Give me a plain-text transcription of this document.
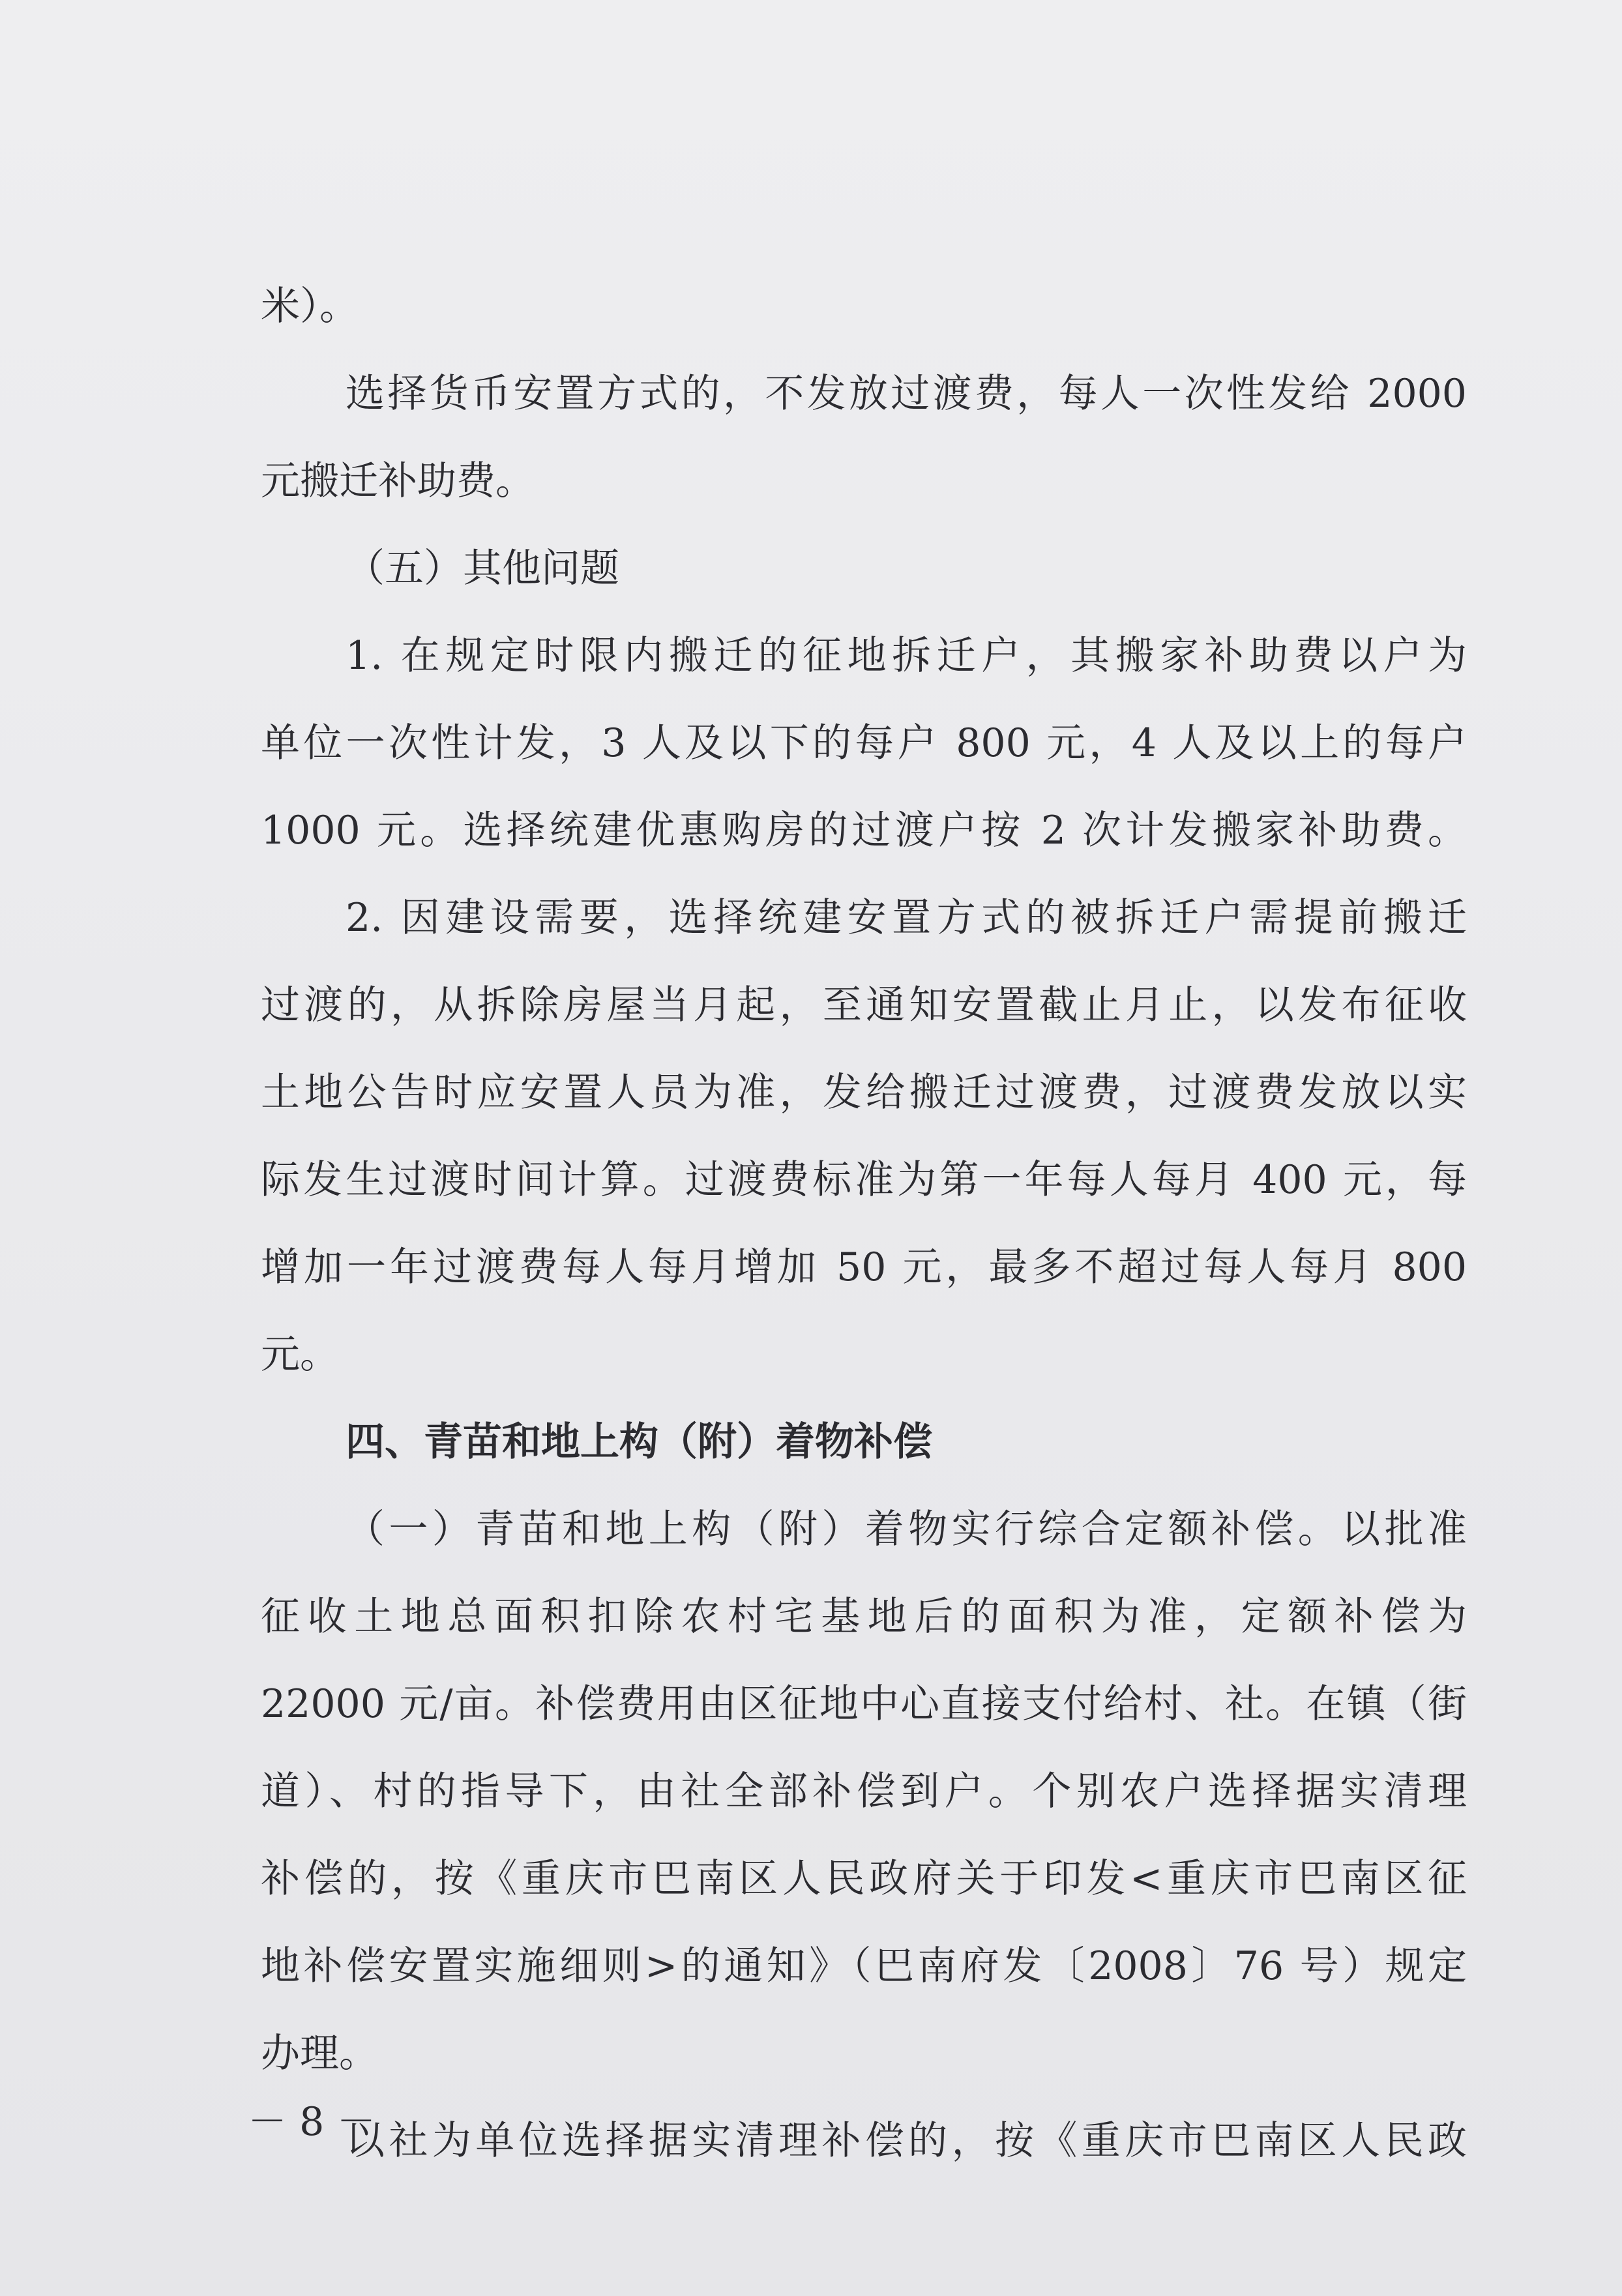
米）。
选择货币安置方式的，不发放过渡费，每人一次性发给 2000
元搬迁补助费。
（五）其他问题
1. 在规定时限内搬迁的征地拆迁户，其搬家补助费以户为
单位一次性计发，3 人及以下的每户 800 元，4 人及以上的每户
1000 元。选择统建优惠购房的过渡户按 2 次计发搬家补助费。
2. 因建设需要，选择统建安置方式的被拆迁户需提前搬迁
过渡的，从拆除房屋当月起，至通知安置截止月止，以发布征收
土地公告时应安置人员为准，发给搬迁过渡费，过渡费发放以实
际发生过渡时间计算。过渡费标准为第一年每人每月 400 元，每
增加一年过渡费每人每月增加 50 元，最多不超过每人每月 800
元。
四、青苗和地上构（附）着物补偿
（一）青苗和地上构（附）着物实行综合定额补偿。以批准
征收土地总面积扣除农村宅基地后的面积为准，定额补偿为
22000 元/亩。补偿费用由区征地中心直接支付给村、社。在镇（街
道）、村的指导下，由社全部补偿到户。个别农户选择据实清理
补偿的，按《重庆市巴南区人民政府关于印发<重庆市巴南区征
地补偿安置实施细则>的通知》（巴南府发〔2008〕76 号）规定
办理。
以社为单位选择据实清理补偿的，按《重庆市巴南区人民政
－ 8 －
